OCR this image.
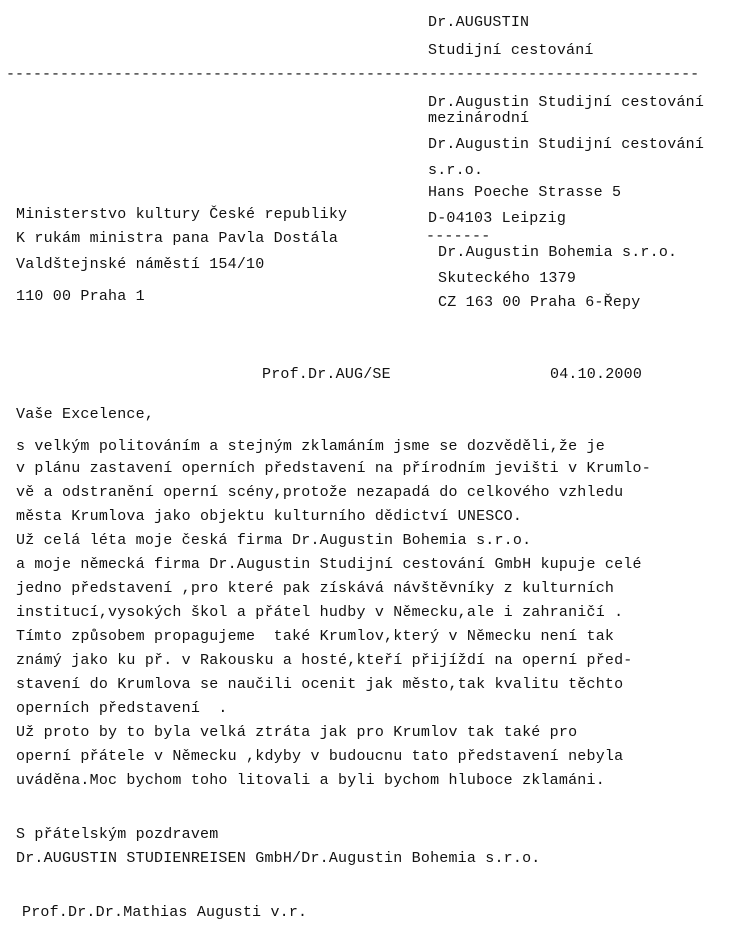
Dr.AUGUSTIN
Studijní cestování
-----------------------------------------------------------------------------
Dr.Augustin Studijní cestování
mezinárodní
Dr.Augustin Studijní cestování
s.r.o.
Hans Poeche Strasse 5
D-04103 Leipzig
-------
Dr.Augustin Bohemia s.r.o.
Skuteckého 1379
CZ 163 00 Praha 6-Řepy
Ministerstvo kultury České republiky
K rukám ministra pana Pavla Dostála
Valdštejnské náměstí 154/10
110 00 Praha 1
Prof.Dr.AUG/SE	04.10.2000
Vaše Excelence,
s velkým politováním a stejným zklamáním jsme se dozvěděli,že je
v plánu zastavení operních představení na přírodním jevišti v Krumlo-
vě a odstranění operní scény,protože nezapadá do celkového vzhledu
města Krumlova jako objektu kulturního dědictví UNESCO.
Už celá léta moje česká firma Dr.Augustin Bohemia s.r.o.
a moje německá firma Dr.Augustin Studijní cestování GmbH kupuje celé
jedno představení ,pro které pak získává návštěvníky z kulturních
institucí,vysokých škol a přátel hudby v Německu,ale i zahraničí .
Tímto způsobem propagujeme  také Krumlov,který v Německu není tak
známý jako ku př. v Rakousku a hosté,kteří přijíždí na operní před-
stavení do Krumlova se naučili ocenit jak město,tak kvalitu těchto
operních představení  .
Už proto by to byla velká ztráta jak pro Krumlov tak také pro
operní přátele v Německu ,kdyby v budoucnu tato představení nebyla
uváděna.Moc bychom toho litovali a byli bychom hluboce zklamáni.
S přátelským pozdravem
Dr.AUGUSTIN STUDIENREISEN GmbH/Dr.Augustin Bohemia s.r.o.
Prof.Dr.Dr.Mathias Augusti v.r.
